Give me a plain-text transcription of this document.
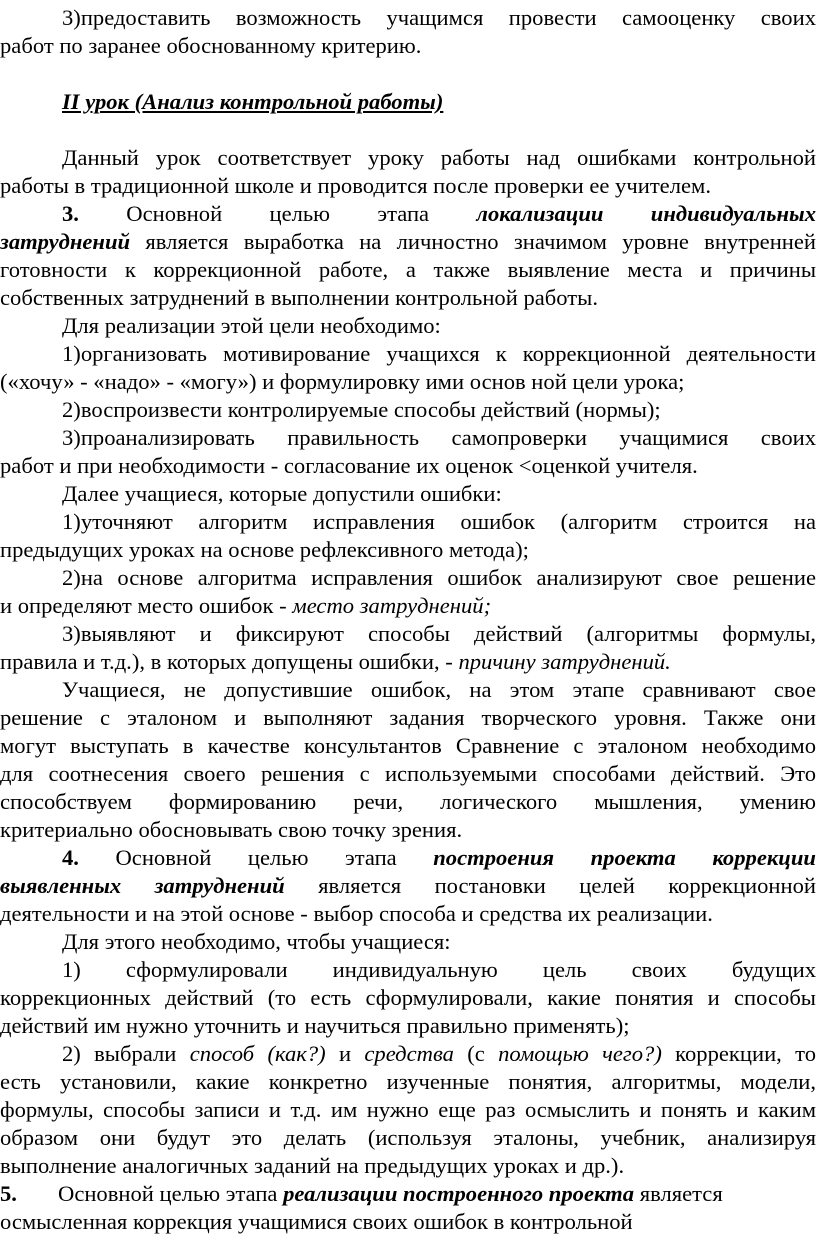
3)предоставить возможность учащимся провести самооценку своих
работ по заранее обоснованному критерию.
II урок (Анализ контрольной работы)
Данный урок соответствует уроку работы над ошибками контрольной
работы в традиционной школе и проводится после проверки ее учителем.
3. Основной целью этапа локализации индивидуальных
затруднений является выработка на личностно значимом уровне внутренней
готовности к коррекционной работе, а также выявление места и причины
собственных затруднений в выполнении контрольной работы.
Для реализации этой цели необходимо:
1)организовать мотивирование учащихся к коррекционной деятельности
(«хочу» - «надо» - «могу») и формулировку ими основ ной цели урока;
2)воспроизвести контролируемые способы действий (нормы);
3)проанализировать правильность самопроверки учащимися своих
работ и при необходимости - согласование их оценок <оценкой учителя.
Далее учащиеся, которые допустили ошибки:
1)уточняют алгоритм исправления ошибок (алгоритм строится на
предыдущих уроках на основе рефлексивного метода);
2)на основе алгоритма исправления ошибок анализируют свое решение
и определяют место ошибок - место затруднений;
3)выявляют и фиксируют способы действий (алгоритмы формулы,
правила и т.д.), в которых допущены ошибки, - причину затруднений.
Учащиеся, не допустившие ошибок, на этом этапе сравнивают свое
решение с эталоном и выполняют задания творческого уровня. Также они
могут выступать в качестве консультантов Сравнение с эталоном необходимо
для соотнесения своего решения с используемыми способами действий. Это
способствуем формированию речи, логического мышления, умению
критериально обосновывать свою точку зрения.
4. Основной целью этапа построения проекта коррекции
выявленных затруднений является постановки целей коррекционной
деятельности и на этой основе - выбор способа и средства их реализации.
Для этого необходимо, чтобы учащиеся:
1) сформулировали индивидуальную цель своих будущих
коррекционных действий (то есть сформулировали, какие понятия и способы
действий им нужно уточнить и научиться правильно применять);
2) выбрали способ (как?) и средства (с помощью чего?) коррекции, то
есть установили, какие конкретно изученные понятия, алгоритмы, модели,
формулы, способы записи и т.д. им нужно еще раз осмыслить и понять и каким
образом они будут это делать (используя эталоны, учебник, анализируя
выполнение аналогичных заданий на предыдущих уроках и др.).
5. Основной целью этапа реализации построенного проекта является
осмысленная коррекция учащимися своих ошибок в контрольной
